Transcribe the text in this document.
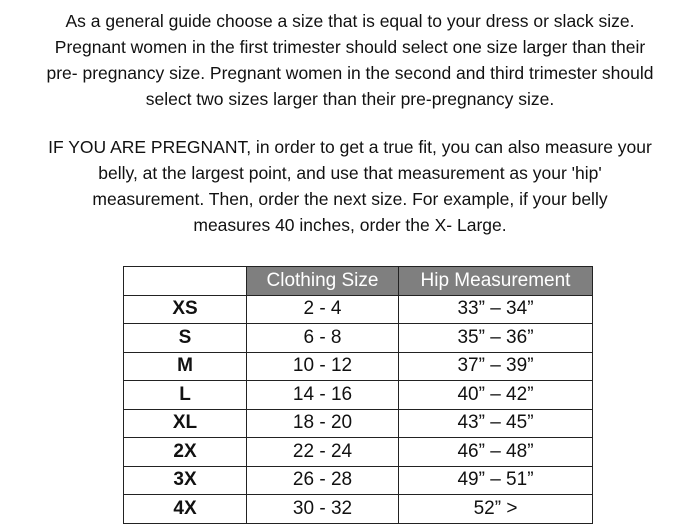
As a general guide choose a size that is equal to your dress or slack size.
Pregnant women in the first trimester should select one size larger than their
pre- pregnancy size. Pregnant women in the second and third trimester should
select two sizes larger than their pre-pregnancy size.
IF YOU ARE PREGNANT, in order to get a true fit, you can also measure your
belly, at the largest point, and use that measurement as your 'hip'
measurement. Then, order the next size. For example, if your belly
measures 40 inches, order the X- Large.
	Clothing Size	Hip Measurement
XS	2 - 4	33” – 34”
S	6 - 8	35” – 36”
M	10 - 12	37” – 39”
L	14 - 16	40” – 42”
XL	18 - 20	43” – 45”
2X	22 - 24	46” – 48”
3X	26 - 28	49” – 51”
4X	30 - 32	52” >
